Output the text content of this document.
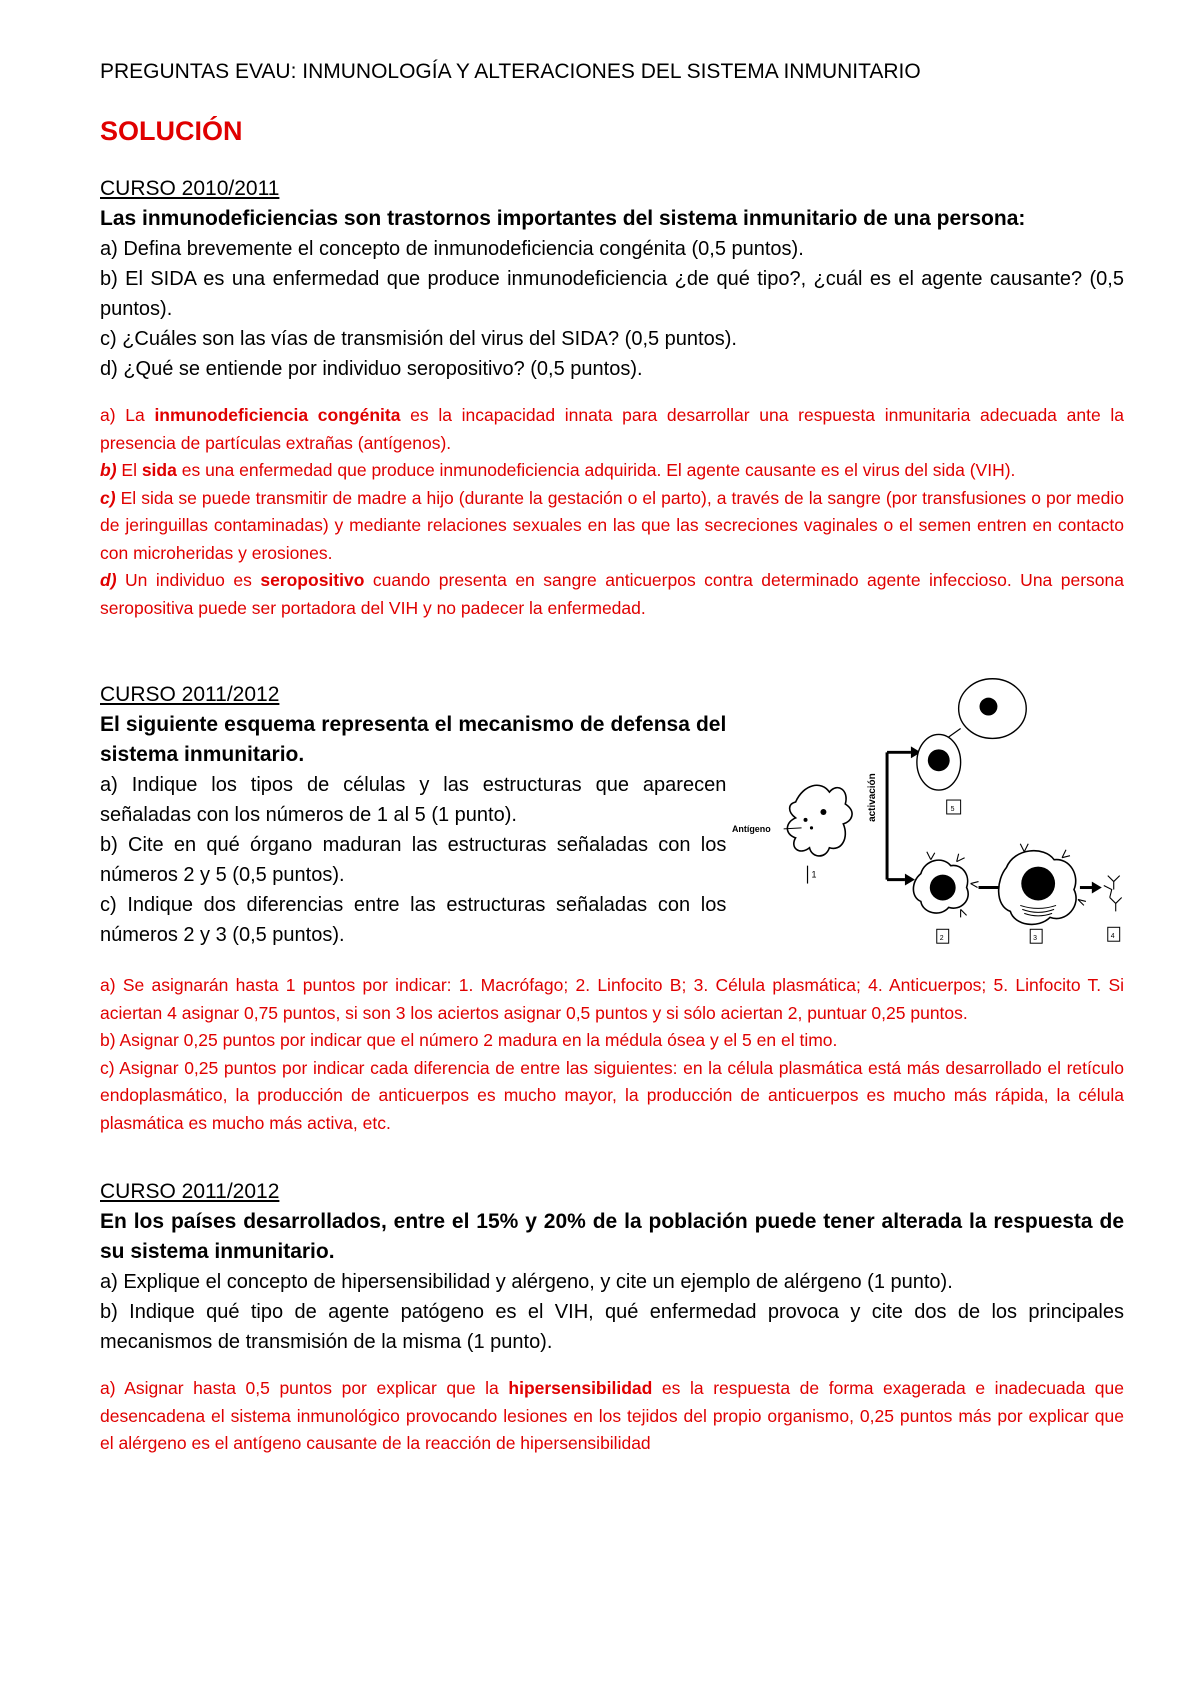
PREGUNTAS EVAU: INMUNOLOGÍA Y ALTERACIONES DEL SISTEMA INMUNITARIO

SOLUCIÓN

CURSO 2010/2011

Las inmunodeficiencias son trastornos importantes del sistema inmunitario de una persona:

a) Defina brevemente el concepto de inmunodeficiencia congénita (0,5 puntos).

b) El SIDA es una enfermedad que produce inmunodeficiencia ¿de qué tipo?, ¿cuál es el agente causante? (0,5 puntos).

c) ¿Cuáles son las vías de transmisión del virus del SIDA? (0,5 puntos).

d) ¿Qué se entiende por individuo seropositivo? (0,5 puntos).

a) La inmunodeficiencia congénita es la incapacidad innata para desarrollar una respuesta inmunitaria adecuada ante la presencia de partículas extrañas (antígenos).

b) El sida es una enfermedad que produce inmunodeficiencia adquirida. El agente causante es el virus del sida (VIH).

c) El sida se puede transmitir de madre a hijo (durante la gestación o el parto), a través de la sangre (por transfusiones o por medio de jeringuillas contaminadas) y mediante relaciones sexuales en las que las secreciones vaginales o el semen entren en contacto con microheridas y erosiones.

d) Un individuo es seropositivo cuando presenta en sangre anticuerpos contra determinado agente infeccioso. Una persona seropositiva puede ser portadora del VIH y no padecer la enfermedad.

CURSO 2011/2012

El siguiente esquema representa el mecanismo de defensa del sistema inmunitario.

a) Indique los tipos de células y las estructuras que aparecen señaladas con los números de 1 al 5 (1 punto).

b) Cite en qué órgano maduran las estructuras señaladas con los números 2 y 5 (0,5 puntos).

c) Indique dos diferencias entre las estructuras señaladas con los números 2 y 3 (0,5 puntos).

Antígeno
1
activación	5
2	3	4

a) Se asignarán hasta 1 puntos por indicar: 1. Macrófago; 2. Linfocito B; 3. Célula plasmática; 4. Anticuerpos; 5. Linfocito T. Si aciertan 4 asignar 0,75 puntos, si son 3 los aciertos asignar 0,5 puntos y si sólo aciertan 2, puntuar 0,25 puntos.

b) Asignar 0,25 puntos por indicar que el número 2 madura en la médula ósea y el 5 en el timo.

c) Asignar 0,25 puntos por indicar cada diferencia de entre las siguientes: en la célula plasmática está más desarrollado el retículo endoplasmático, la producción de anticuerpos es mucho mayor, la producción de anticuerpos es mucho más rápida, la célula plasmática es mucho más activa, etc.

CURSO 2011/2012

En los países desarrollados, entre el 15% y 20% de la población puede tener alterada la respuesta de su sistema inmunitario.

a) Explique el concepto de hipersensibilidad y alérgeno, y cite un ejemplo de alérgeno (1 punto).

b) Indique qué tipo de agente patógeno es el VIH, qué enfermedad provoca y cite dos de los principales mecanismos de transmisión de la misma (1 punto).

a) Asignar hasta 0,5 puntos por explicar que la hipersensibilidad es la respuesta de forma exagerada e inadecuada que desencadena el sistema inmunológico provocando lesiones en los tejidos del propio organismo, 0,25 puntos más por explicar que el alérgeno es el antígeno causante de la reacción de hipersensibilidad
